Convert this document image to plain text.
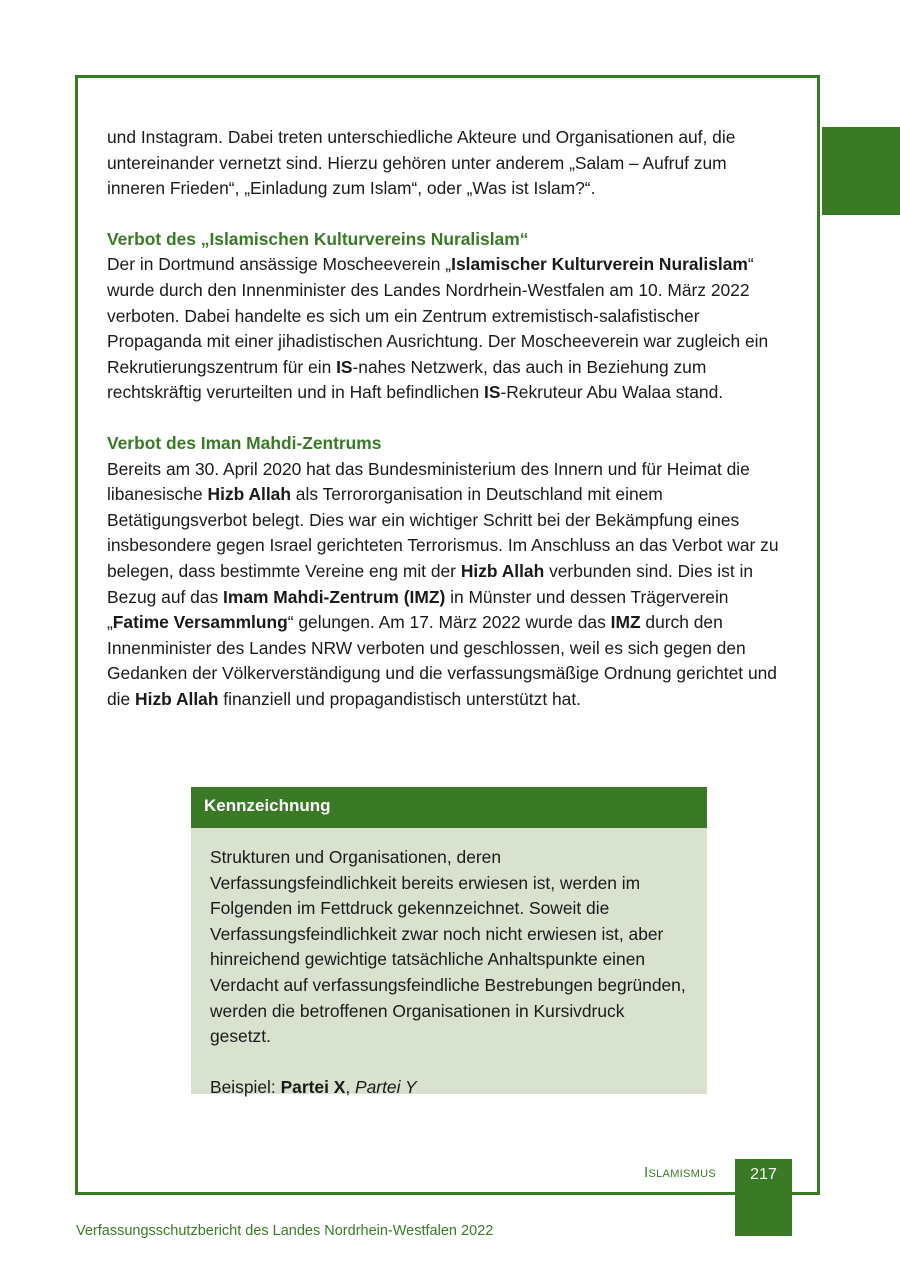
und Instagram. Dabei treten unterschiedliche Akteure und Organisationen auf, die untereinander vernetzt sind. Hierzu gehören unter anderem „Salam – Aufruf zum inneren Frieden“, „Einladung zum Islam“, oder „Was ist Islam?“.

Verbot des „Islamischen Kulturvereins Nuralislam“

Der in Dortmund ansässige Moscheeverein „Islamischer Kulturverein Nuralislam“ wurde durch den Innenminister des Landes Nordrhein-Westfalen am 10. März 2022 verboten. Dabei handelte es sich um ein Zentrum extremistisch-salafistischer Propaganda mit einer jihadistischen Ausrichtung. Der Moscheeverein war zugleich ein Rekrutierungszentrum für ein IS-nahes Netzwerk, das auch in Beziehung zum rechtskräftig verurteilten und in Haft befindlichen IS-Rekruteur Abu Walaa stand.

Verbot des Iman Mahdi-Zentrums

Bereits am 30. April 2020 hat das Bundesministerium des Innern und für Heimat die libanesische Hizb Allah als Terrororganisation in Deutschland mit einem Betätigungsverbot belegt. Dies war ein wichtiger Schritt bei der Bekämpfung eines insbesondere gegen Israel gerichteten Terrorismus. Im Anschluss an das Verbot war zu belegen, dass bestimmte Vereine eng mit der Hizb Allah verbunden sind. Dies ist in Bezug auf das Imam Mahdi-Zentrum (IMZ) in Münster und dessen Trägerverein „Fatime Versammlung“ gelungen. Am 17. März 2022 wurde das IMZ durch den Innenminister des Landes NRW verboten und geschlossen, weil es sich gegen den Gedanken der Völkerverständigung und die verfassungsmäßige Ordnung gerichtet und die Hizb Allah finanziell und propagandistisch unterstützt hat.

Kennzeichnung

Strukturen und Organisationen, deren Verfassungsfeindlichkeit bereits erwiesen ist, werden im Folgenden im Fettdruck gekennzeichnet. Soweit die Verfassungsfeindlichkeit zwar noch nicht erwiesen ist, aber hinreichend gewichtige tatsächliche Anhaltspunkte einen Verdacht auf verfassungsfeindliche Bestrebungen begründen, werden die betroffenen Organisationen in Kursivdruck gesetzt.

Beispiel: Partei X, Partei Y

Islamismus	217
Verfassungsschutzbericht des Landes Nordrhein-Westfalen 2022
